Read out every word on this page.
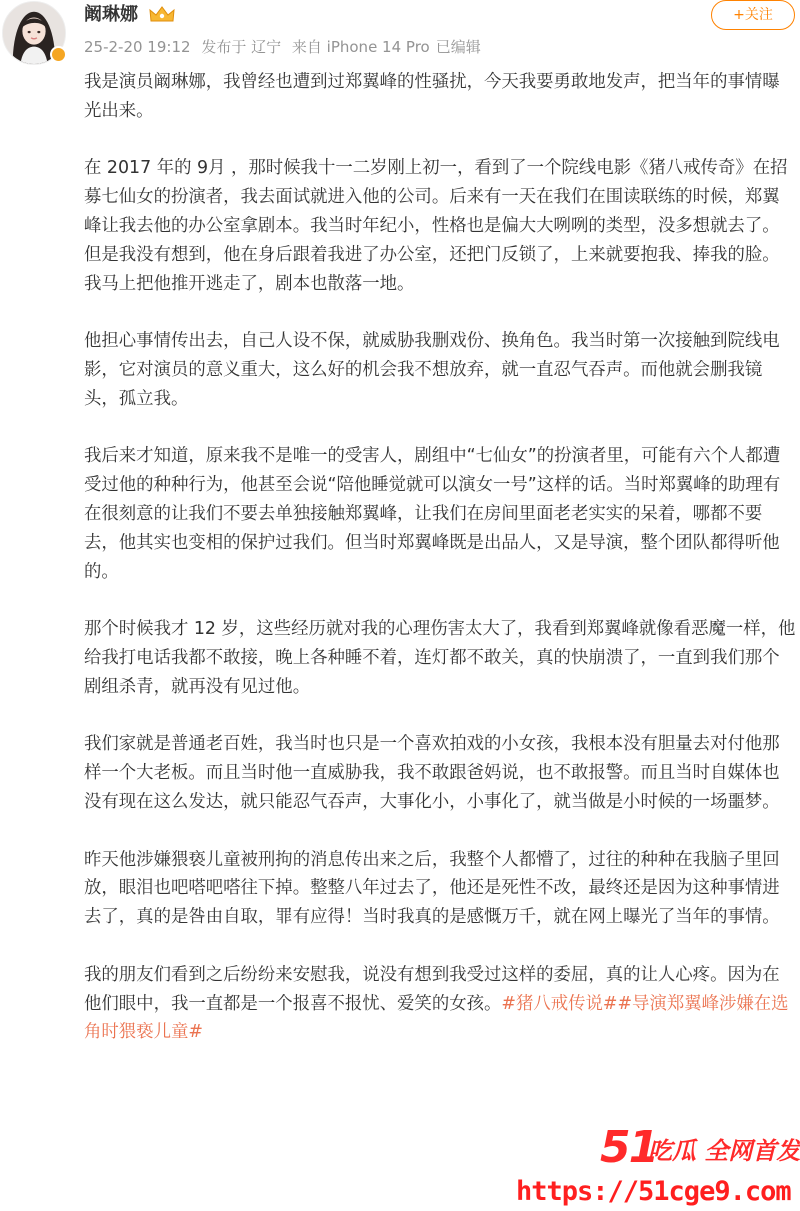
阚琳娜
25-2-20 19:12 发布于 辽宁 来自 iPhone 14 Pro 已编辑
+关注

我是演员阚琳娜，我曾经也遭到过郑翼峰的性骚扰，今天我要勇敢地发声，把当年的事情曝光出来。

在 2017 年的 9月 ，那时候我十一二岁刚上初一，看到了一个院线电影《猪八戒传奇》在招募七仙女的扮演者，我去面试就进入他的公司。后来有一天在我们在围读联练的时候，郑翼峰让我去他的办公室拿剧本。我当时年纪小，性格也是偏大大咧咧的类型，没多想就去了。但是我没有想到，他在身后跟着我进了办公室，还把门反锁了，上来就要抱我、捧我的脸。我马上把他推开逃走了，剧本也散落一地。

他担心事情传出去，自己人设不保，就威胁我删戏份、换角色。我当时第一次接触到院线电影，它对演员的意义重大，这么好的机会我不想放弃，就一直忍气吞声。而他就会删我镜头，孤立我。

我后来才知道，原来我不是唯一的受害人，剧组中“七仙女”的扮演者里，可能有六个人都遭受过他的种种行为，他甚至会说“陪他睡觉就可以演女一号”这样的话。当时郑翼峰的助理有在很刻意的让我们不要去单独接触郑翼峰，让我们在房间里面老老实实的呆着，哪都不要去，他其实也变相的保护过我们。但当时郑翼峰既是出品人，又是导演，整个团队都得听他的。

那个时候我才 12 岁，这些经历就对我的心理伤害太大了，我看到郑翼峰就像看恶魔一样，他给我打电话我都不敢接，晚上各种睡不着，连灯都不敢关，真的快崩溃了，一直到我们那个剧组杀青，就再没有见过他。

我们家就是普通老百姓，我当时也只是一个喜欢拍戏的小女孩，我根本没有胆量去对付他那样一个大老板。而且当时他一直威胁我，我不敢跟爸妈说，也不敢报警。而且当时自媒体也没有现在这么发达，就只能忍气吞声，大事化小，小事化了，就当做是小时候的一场噩梦。

昨天他涉嫌猥亵儿童被刑拘的消息传出来之后，我整个人都懵了，过往的种种在我脑子里回放，眼泪也吧嗒吧嗒往下掉。整整八年过去了，他还是死性不改，最终还是因为这种事情进去了，真的是咎由自取，罪有应得！当时我真的是感慨万千，就在网上曝光了当年的事情。

我的朋友们看到之后纷纷来安慰我，说没有想到我受过这样的委屈，真的让人心疼。因为在他们眼中，我一直都是一个报喜不报忧、爱笑的女孩。#猪八戒传说##导演郑翼峰涉嫌在选角时猥亵儿童#

51
吃瓜 全网首发
https://51cge9.com
